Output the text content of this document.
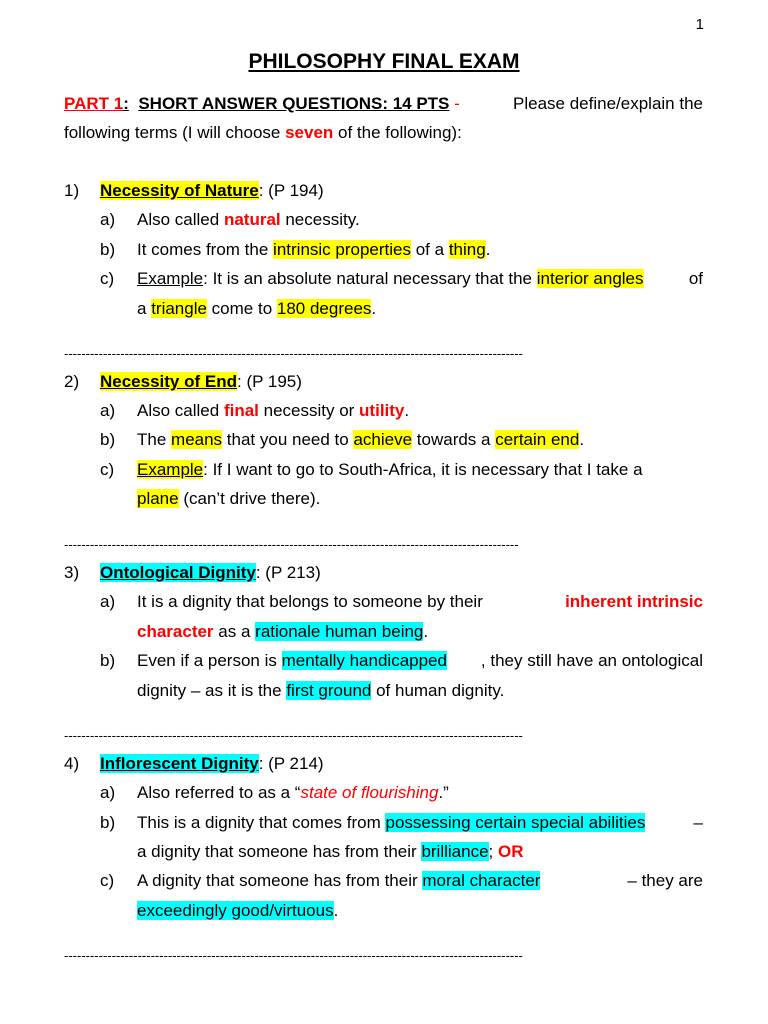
1
PHILOSOPHY FINAL EXAM
PART 1: SHORT ANSWER QUESTIONS: 14 PTS -	Please define/explain the
following terms (I will choose seven of the following):
1) Necessity of Nature: (P 194)
a) Also called natural necessity.
b) It comes from the intrinsic properties of a thing.
c) Example: It is an absolute natural necessary that the interior angles	of
a triangle come to 180 degrees.
----------------------------------------------------------------------------------------------------------
2) Necessity of End: (P 195)
a) Also called final necessity or utility.
b) The means that you need to achieve towards a certain end.
c) Example: If I want to go to South-Africa, it is necessary that I take a
plane (can’t drive there).
---------------------------------------------------------------------------------------------------------
3) Ontological Dignity: (P 213)
a) It is a dignity that belongs to someone by their	inherent intrinsic
character as a rationale human being.
b) Even if a person is mentally handicapped , they still have an ontological
dignity – as it is the first ground of human dignity.
----------------------------------------------------------------------------------------------------------
4) Inflorescent Dignity: (P 214)
a) Also referred to as a “state of flourishing.”
b) This is a dignity that comes from possessing certain special abilities	–
a dignity that someone has from their brilliance; OR
c) A dignity that someone has from their moral character	– they are
exceedingly good/virtuous.
----------------------------------------------------------------------------------------------------------
